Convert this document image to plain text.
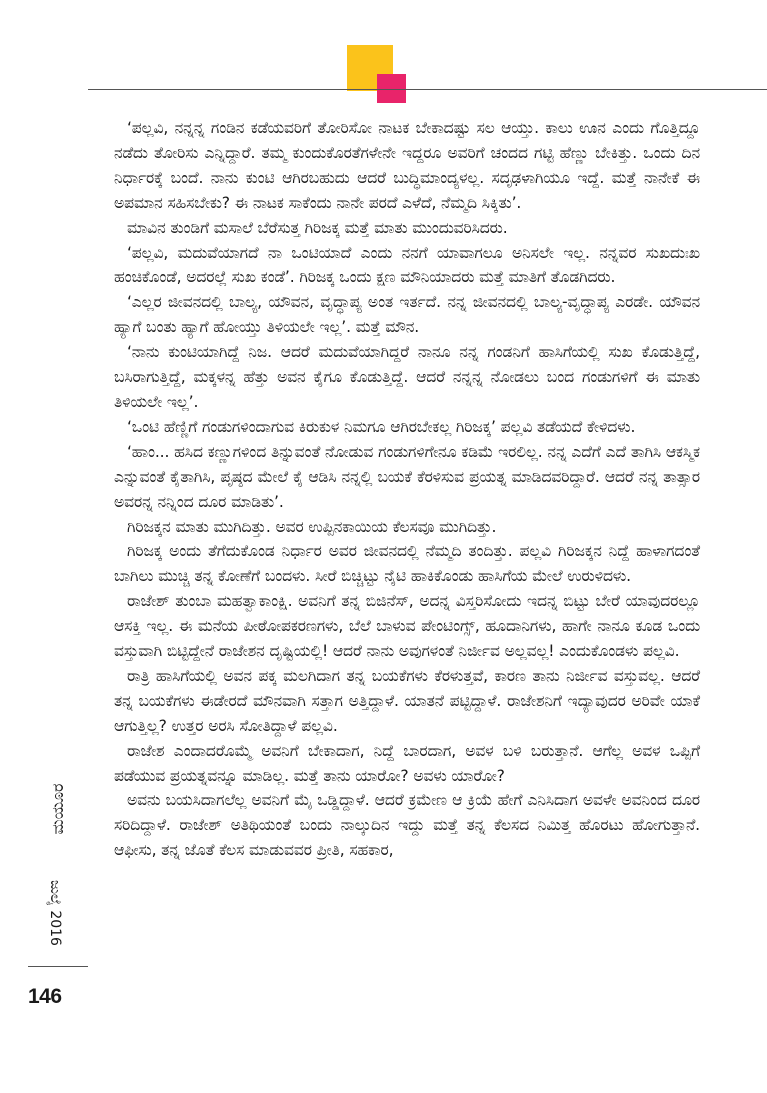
ಮಯೂರ
ಜುಲೈ 2016
146

‘ಪಲ್ಲವಿ, ನನ್ನನ್ನ ಗಂಡಿನ ಕಡೆಯವರಿಗೆ ತೋರಿಸೋ ನಾಟಕ ಬೇಕಾದಷ್ಟು ಸಲ ಆಯ್ತು. ಕಾಲು ಊನ ಎಂದು ಗೊತ್ತಿದ್ದೂ ನಡೆದು ತೋರಿಸು ಎನ್ನಿದ್ದಾರೆ. ತಮ್ಮ ಕುಂದುಕೊರತೆಗಳೇನೇ ಇದ್ದರೂ ಅವರಿಗೆ ಚಂದದ ಗಟ್ಟಿ ಹೆಣ್ಣು ಬೇಕಿತ್ತು. ಒಂದು ದಿನ ನಿರ್ಧಾರಕ್ಕೆ ಬಂದೆ. ನಾನು ಕುಂಟಿ ಆಗಿರಬಹುದು ಆದರೆ ಬುದ್ಧಿಮಾಂದ್ಯಳಲ್ಲ. ಸದೃಢಳಾಗಿಯೂ ಇದ್ದೆ. ಮತ್ತೆ ನಾನೇಕೆ ಈ ಅಪಮಾನ ಸಹಿಸಬೇಕು? ಈ ನಾಟಕ ಸಾಕೆಂದು ನಾನೇ ಪರದೆ ಎಳೆದೆ, ನೆಮ್ಮದಿ ಸಿಕ್ಕಿತು’.

ಮಾವಿನ ತುಂಡಿಗೆ ಮಸಾಲೆ ಬೆರೆಸುತ್ತ ಗಿರಿಜಕ್ಕ ಮತ್ತೆ ಮಾತು ಮುಂದುವರಿಸಿದರು.

‘ಪಲ್ಲವಿ, ಮದುವೆಯಾಗದೆ ನಾ ಒಂಟಿಯಾದೆ ಎಂದು ನನಗೆ ಯಾವಾಗಲೂ ಅನಿಸಲೇ ಇಲ್ಲ. ನನ್ನವರ ಸುಖದುಃಖ ಹಂಚಿಕೊಂಡೆ, ಅದರಲ್ಲೆ ಸುಖ ಕಂಡೆ’. ಗಿರಿಜಕ್ಕ ಒಂದು ಕ್ಷಣ ಮೌನಿಯಾದರು ಮತ್ತೆ ಮಾತಿಗೆ ತೊಡಗಿದರು.

‘ಎಲ್ಲರ ಜೀವನದಲ್ಲಿ ಬಾಲ್ಯ, ಯೌವನ, ವೃದ್ಧಾಪ್ಯ ಅಂತ ಇರ್ತದೆ. ನನ್ನ ಜೀವನದಲ್ಲಿ ಬಾಲ್ಯ-ವೃದ್ಧಾಪ್ಯ ಎರಡೇ. ಯೌವನ ಹ್ಯಾಗೆ ಬಂತು ಹ್ಯಾಗೆ ಹೋಯ್ತು ತಿಳಿಯಲೇ ಇಲ್ಲ’. ಮತ್ತೆ ಮೌನ.

‘ನಾನು ಕುಂಟಿಯಾಗಿದ್ದೆ ನಿಜ. ಆದರೆ ಮದುವೆಯಾಗಿದ್ದರೆ ನಾನೂ ನನ್ನ ಗಂಡನಿಗೆ ಹಾಸಿಗೆಯಲ್ಲಿ ಸುಖ ಕೊಡುತ್ತಿದ್ದೆ, ಬಸಿರಾಗುತ್ತಿದ್ದೆ, ಮಕ್ಕಳನ್ನ ಹೆತ್ತು ಅವನ ಕೈಗೂ ಕೊಡುತ್ತಿದ್ದೆ. ಆದರೆ ನನ್ನನ್ನ ನೋಡಲು ಬಂದ ಗಂಡುಗಳಿಗೆ ಈ ಮಾತು ತಿಳಿಯಲೇ ಇಲ್ಲ’.

‘ಒಂಟಿ ಹೆಣ್ಣಿಗೆ ಗಂಡುಗಳಿಂದಾಗುವ ಕಿರುಕುಳ ನಿಮಗೂ ಆಗಿರಬೇಕಲ್ಲ ಗಿರಿಜಕ್ಕ’ ಪಲ್ಲವಿ ತಡೆಯದೆ ಕೇಳಿದಳು.

‘ಹಾಂ... ಹಸಿದ ಕಣ್ಣುಗಳಿಂದ ತಿನ್ನುವಂತೆ ನೋಡುವ ಗಂಡುಗಳಿಗೇನೂ ಕಡಿಮೆ ಇರಲಿಲ್ಲ. ನನ್ನ ಎದೆಗೆ ಎದೆ ತಾಗಿಸಿ ಆಕಸ್ಮಿಕ ಎನ್ನುವಂತೆ ಕೈತಾಗಿಸಿ, ಪೃಷ್ಠದ ಮೇಲೆ ಕೈ ಆಡಿಸಿ ನನ್ನಲ್ಲಿ ಬಯಕೆ ಕೆರಳಿಸುವ ಪ್ರಯತ್ನ ಮಾಡಿದವರಿದ್ದಾರೆ. ಆದರೆ ನನ್ನ ತಾತ್ಸಾರ ಅವರನ್ನ ನನ್ನಿಂದ ದೂರ ಮಾಡಿತು’.

ಗಿರಿಜಕ್ಕನ ಮಾತು ಮುಗಿದಿತ್ತು. ಅವರ ಉಪ್ಪಿನಕಾಯಿಯ ಕೆಲಸವೂ ಮುಗಿದಿತ್ತು.

ಗಿರಿಜಕ್ಕ ಅಂದು ತೆಗೆದುಕೊಂಡ ನಿರ್ಧಾರ ಅವರ ಜೀವನದಲ್ಲಿ ನೆಮ್ಮದಿ ತಂದಿತ್ತು. ಪಲ್ಲವಿ ಗಿರಿಜಕ್ಕನ ನಿದ್ದೆ ಹಾಳಾಗದಂತೆ ಬಾಗಿಲು ಮುಚ್ಚಿ ತನ್ನ ಕೋಣೆಗೆ ಬಂದಳು. ಸೀರೆ ಬಿಚ್ಚಿಟ್ಟು ನೈಟಿ ಹಾಕಿಕೊಂಡು ಹಾಸಿಗೆಯ ಮೇಲೆ ಉರುಳಿದಳು.

ರಾಜೇಶ್ ತುಂಬಾ ಮಹತ್ವಾಕಾಂಕ್ಷಿ. ಅವನಿಗೆ ತನ್ನ ಬಿಜಿನೆಸ್, ಅದನ್ನ ವಿಸ್ತರಿಸೋದು ಇದನ್ನ ಬಿಟ್ಟು ಬೇರೆ ಯಾವುದರಲ್ಲೂ ಆಸಕ್ತಿ ಇಲ್ಲ. ಈ ಮನೆಯ ಪೀಠೋಪಕರಣಗಳು, ಬೆಲೆ ಬಾಳುವ ಪೇಂಟಿಂಗ್ಸ್, ಹೂದಾನಿಗಳು, ಹಾಗೇ ನಾನೂ ಕೂಡ ಒಂದು ವಸ್ತುವಾಗಿ ಬಿಟ್ಟಿದ್ದೇನೆ ರಾಜೇಶನ ದೃಷ್ಟಿಯಲ್ಲಿ! ಆದರೆ ನಾನು ಅವುಗಳಂತೆ ನಿರ್ಜೀವ ಅಲ್ಲವಲ್ಲ! ಎಂದುಕೊಂಡಳು ಪಲ್ಲವಿ.

ರಾತ್ರಿ ಹಾಸಿಗೆಯಲ್ಲಿ ಅವನ ಪಕ್ಕ ಮಲಗಿದಾಗ ತನ್ನ ಬಯಕೆಗಳು ಕೆರಳುತ್ತವೆ, ಕಾರಣ ತಾನು ನಿರ್ಜೀವ ವಸ್ತುವಲ್ಲ. ಆದರೆ ತನ್ನ ಬಯಕೆಗಳು ಈಡೇರದೆ ಮೌನವಾಗಿ ಸತ್ತಾಗ ಅತ್ತಿದ್ದಾಳೆ. ಯಾತನೆ ಪಟ್ಟಿದ್ದಾಳೆ. ರಾಜೇಶನಿಗೆ ಇದ್ಯಾವುದರ ಅರಿವೇ ಯಾಕೆ ಆಗುತ್ತಿಲ್ಲ? ಉತ್ತರ ಅರಸಿ ಸೋತಿದ್ದಾಳೆ ಪಲ್ಲವಿ.

ರಾಜೇಶ ಎಂದಾದರೊಮ್ಮೆ ಅವನಿಗೆ ಬೇಕಾದಾಗ, ನಿದ್ದೆ ಬಾರದಾಗ, ಅವಳ ಬಳಿ ಬರುತ್ತಾನೆ. ಆಗೆಲ್ಲ ಅವಳ ಒಪ್ಪಿಗೆ ಪಡೆಯುವ ಪ್ರಯತ್ನವನ್ನೂ ಮಾಡಿಲ್ಲ. ಮತ್ತೆ ತಾನು ಯಾರೋ? ಅವಳು ಯಾರೋ?

ಅವನು ಬಯಸಿದಾಗಲೆಲ್ಲ ಅವನಿಗೆ ಮೈ ಒಡ್ಡಿದ್ದಾಳೆ. ಆದರೆ ಕ್ರಮೇಣ ಆ ಕ್ರಿಯೆ ಹೇಗೆ ಎನಿಸಿದಾಗ ಅವಳೇ ಅವನಿಂದ ದೂರ ಸರಿದಿದ್ದಾಳೆ. ರಾಜೇಶ್ ಅತಿಥಿಯಂತೆ ಬಂದು ನಾಲ್ಕುದಿನ ಇದ್ದು ಮತ್ತೆ ತನ್ನ ಕೆಲಸದ ನಿಮಿತ್ತ ಹೊರಟು ಹೋಗುತ್ತಾನೆ. ಆಫೀಸು, ತನ್ನ ಜೊತೆ ಕೆಲಸ ಮಾಡುವವರ ಪ್ರೀತಿ, ಸಹಕಾರ,
